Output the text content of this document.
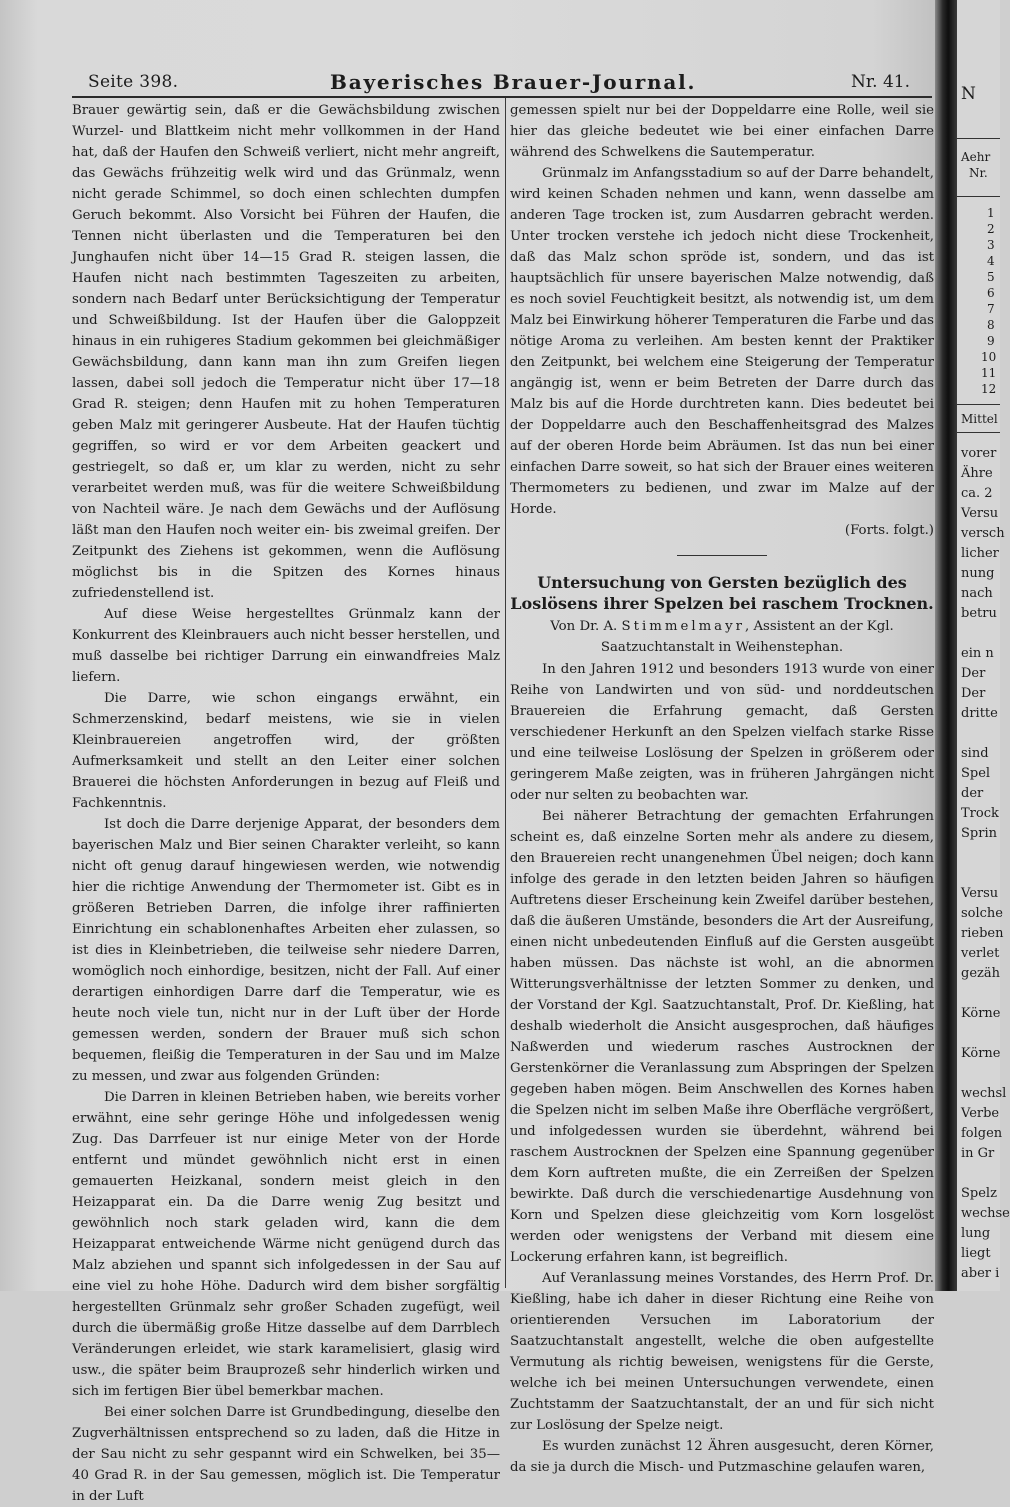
Seite 398.	Bayerisches Brauer-Journal.	Nr. 41.

Brauer gewärtig sein, daß er die Gewächsbildung zwischen Wurzel- und Blattkeim nicht mehr vollkommen in der Hand hat, daß der Haufen den Schweiß verliert, nicht mehr angreift, das Gewächs frühzeitig welk wird und das Grünmalz, wenn nicht gerade Schimmel, so doch einen schlechten dumpfen Geruch bekommt. Also Vorsicht bei Führen der Haufen, die Tennen nicht überlasten und die Temperaturen bei den Junghaufen nicht über 14—15 Grad R. steigen lassen, die Haufen nicht nach bestimmten Tageszeiten zu arbeiten, sondern nach Bedarf unter Berücksichtigung der Temperatur und Schweißbildung. Ist der Haufen über die Galoppzeit hinaus in ein ruhigeres Stadium gekommen bei gleichmäßiger Gewächsbildung, dann kann man ihn zum Greifen liegen lassen, dabei soll jedoch die Temperatur nicht über 17—18 Grad R. steigen; denn Haufen mit zu hohen Temperaturen geben Malz mit geringerer Ausbeute. Hat der Haufen tüchtig gegriffen, so wird er vor dem Arbeiten geackert und gestriegelt, so daß er, um klar zu werden, nicht zu sehr verarbeitet werden muß, was für die weitere Schweißbildung von Nachteil wäre. Je nach dem Gewächs und der Auflösung läßt man den Haufen noch weiter ein- bis zweimal greifen. Der Zeitpunkt des Ziehens ist gekommen, wenn die Auflösung möglichst bis in die Spitzen des Kornes hinaus zufriedenstellend ist.

Auf diese Weise hergestelltes Grünmalz kann der Konkurrent des Kleinbrauers auch nicht besser herstellen, und muß dasselbe bei richtiger Darrung ein einwandfreies Malz liefern.

Die Darre, wie schon eingangs erwähnt, ein Schmerzenskind, bedarf meistens, wie sie in vielen Kleinbrauereien angetroffen wird, der größten Aufmerksamkeit und stellt an den Leiter einer solchen Brauerei die höchsten Anforderungen in bezug auf Fleiß und Fachkenntnis.

Ist doch die Darre derjenige Apparat, der besonders dem bayerischen Malz und Bier seinen Charakter verleiht, so kann nicht oft genug darauf hingewiesen werden, wie notwendig hier die richtige Anwendung der Thermometer ist. Gibt es in größeren Betrieben Darren, die infolge ihrer raffinierten Einrichtung ein schablonenhaftes Arbeiten eher zulassen, so ist dies in Kleinbetrieben, die teilweise sehr niedere Darren, womöglich noch einhordige, besitzen, nicht der Fall. Auf einer derartigen einhordigen Darre darf die Temperatur, wie es heute noch viele tun, nicht nur in der Luft über der Horde gemessen werden, sondern der Brauer muß sich schon bequemen, fleißig die Temperaturen in der Sau und im Malze zu messen, und zwar aus folgenden Gründen:

Die Darren in kleinen Betrieben haben, wie bereits vorher erwähnt, eine sehr geringe Höhe und infolgedessen wenig Zug. Das Darrfeuer ist nur einige Meter von der Horde entfernt und mündet gewöhnlich nicht erst in einen gemauerten Heizkanal, sondern meist gleich in den Heizapparat ein. Da die Darre wenig Zug besitzt und gewöhnlich noch stark geladen wird, kann die dem Heizapparat entweichende Wärme nicht genügend durch das Malz abziehen und spannt sich infolgedessen in der Sau auf eine viel zu hohe Höhe. Dadurch wird dem bisher sorgfältig hergestellten Grünmalz sehr großer Schaden zugefügt, weil durch die übermäßig große Hitze dasselbe auf dem Darrblech Veränderungen erleidet, wie stark karamelisiert, glasig wird usw., die später beim Brauprozeß sehr hinderlich wirken und sich im fertigen Bier übel bemerkbar machen.

Bei einer solchen Darre ist Grundbedingung, dieselbe den Zugverhältnissen entsprechend so zu laden, daß die Hitze in der Sau nicht zu sehr gespannt wird ein Schwelken, bei 35—40 Grad R. in der Sau gemessen, möglich ist. Die Temperatur in der Luft

gemessen spielt nur bei der Doppeldarre eine Rolle, weil sie hier das gleiche bedeutet wie bei einer einfachen Darre während des Schwelkens die Sautemperatur.

Grünmalz im Anfangsstadium so auf der Darre behandelt, wird keinen Schaden nehmen und kann, wenn dasselbe am anderen Tage trocken ist, zum Ausdarren gebracht werden. Unter trocken verstehe ich jedoch nicht diese Trockenheit, daß das Malz schon spröde ist, sondern, und das ist hauptsächlich für unsere bayerischen Malze notwendig, daß es noch soviel Feuchtigkeit besitzt, als notwendig ist, um dem Malz bei Einwirkung höherer Temperaturen die Farbe und das nötige Aroma zu verleihen. Am besten kennt der Praktiker den Zeitpunkt, bei welchem eine Steigerung der Temperatur angängig ist, wenn er beim Betreten der Darre durch das Malz bis auf die Horde durchtreten kann. Dies bedeutet bei der Doppeldarre auch den Beschaffenheitsgrad des Malzes auf der oberen Horde beim Abräumen. Ist das nun bei einer einfachen Darre soweit, so hat sich der Brauer eines weiteren Thermometers zu bedienen, und zwar im Malze auf der Horde.

(Forts. folgt.)

Untersuchung von Gersten bezüglich des Loslösens ihrer Spelzen bei raschem Trocknen.
Von Dr. A. Stimmelmayr, Assistent an der Kgl. Saatzuchtanstalt in Weihenstephan.

In den Jahren 1912 und besonders 1913 wurde von einer Reihe von Landwirten und von süd- und norddeutschen Brauereien die Erfahrung gemacht, daß Gersten verschiedener Herkunft an den Spelzen vielfach starke Risse und eine teilweise Loslösung der Spelzen in größerem oder geringerem Maße zeigten, was in früheren Jahrgängen nicht oder nur selten zu beobachten war.

Bei näherer Betrachtung der gemachten Erfahrungen scheint es, daß einzelne Sorten mehr als andere zu diesem, den Brauereien recht unangenehmen Übel neigen; doch kann infolge des gerade in den letzten beiden Jahren so häufigen Auftretens dieser Erscheinung kein Zweifel darüber bestehen, daß die äußeren Umstände, besonders die Art der Ausreifung, einen nicht unbedeutenden Einfluß auf die Gersten ausgeübt haben müssen. Das nächste ist wohl, an die abnormen Witterungsverhältnisse der letzten Sommer zu denken, und der Vorstand der Kgl. Saatzuchtanstalt, Prof. Dr. Kießling, hat deshalb wiederholt die Ansicht ausgesprochen, daß häufiges Naßwerden und wiederum rasches Austrocknen der Gerstenkörner die Veranlassung zum Abspringen der Spelzen gegeben haben mögen. Beim Anschwellen des Kornes haben die Spelzen nicht im selben Maße ihre Oberfläche vergrößert, und infolgedessen wurden sie überdehnt, während bei raschem Austrocknen der Spelzen eine Spannung gegenüber dem Korn auftreten mußte, die ein Zerreißen der Spelzen bewirkte. Daß durch die verschiedenartige Ausdehnung von Korn und Spelzen diese gleichzeitig vom Korn losgelöst werden oder wenigstens der Verband mit diesem eine Lockerung erfahren kann, ist begreiflich.

Auf Veranlassung meines Vorstandes, des Herrn Prof. Dr. Kießling, habe ich daher in dieser Richtung eine Reihe von orientierenden Versuchen im Laboratorium der Saatzuchtanstalt angestellt, welche die oben aufgestellte Vermutung als richtig beweisen, wenigstens für die Gerste, welche ich bei meinen Untersuchungen verwendete, einen Zuchtstamm der Saatzuchtanstalt, der an und für sich nicht zur Loslösung der Spelze neigt.

Es wurden zunächst 12 Ähren ausgesucht, deren Körner, da sie ja durch die Misch- und Putzmaschine gelaufen waren,

N
Aehr
Nr.
1
2
3
4
5
6
7
8
9
10
11
12
Mittel
vorer
Ähre
ca. 2
Versu
versch
licher
nung
nach
betru
ein n
Der
Der
dritte
sind
Spel
der
Trock
Sprin
Versu
solche
rieben
verlet
gezäh
Körne
Körne
wechsl
Verbe
folgen
in Gr
Spelz
wechse
lung
liegt
aber i
